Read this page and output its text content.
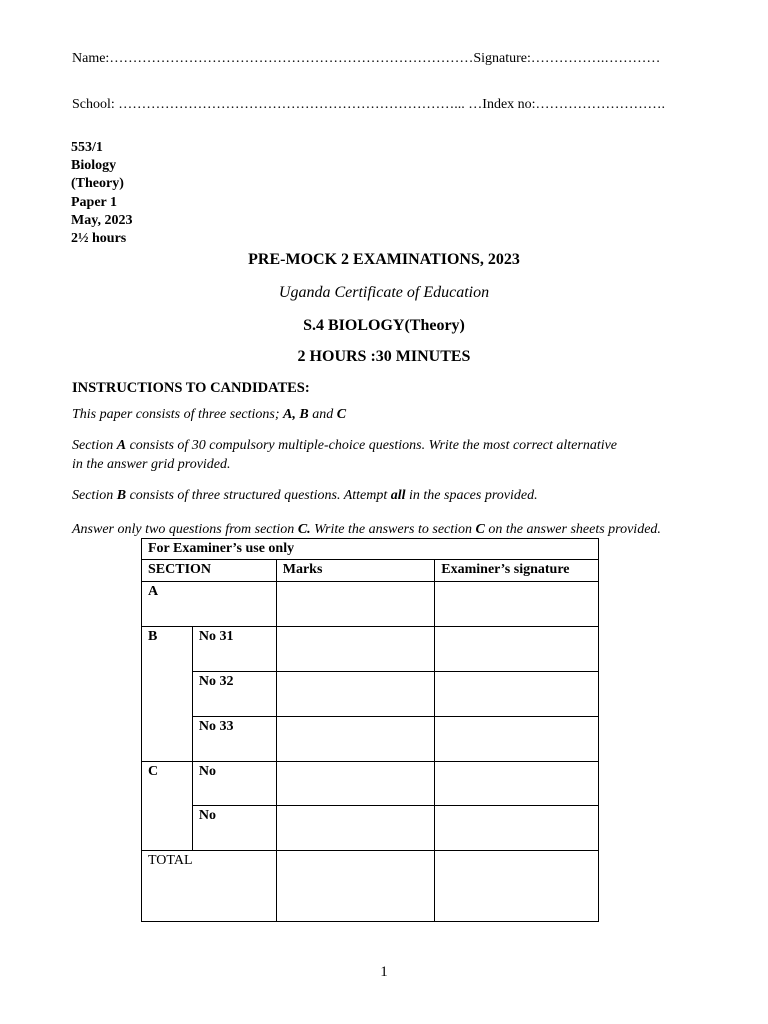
Name:……………………………………………………………………Signature:…………….…………
School: ………………………………………………………………... …Index no:……………………….
553/1
Biology
(Theory)
Paper 1
May, 2023
2½ hours
PRE-MOCK 2 EXAMINATIONS, 2023
Uganda Certificate of Education
S.4 BIOLOGY(Theory)
2 HOURS :30 MINUTES
INSTRUCTIONS TO CANDIDATES:
This paper consists of three sections; A, B and C
Section A consists of 30 compulsory multiple-choice questions. Write the most correct alternative
in the answer grid provided.
Section B consists of three structured questions. Attempt all in the spaces provided.
Answer only two questions from section C. Write the answers to section C on the answer sheets provided.
For Examiner’s use only			
SECTION		Marks	Examiner’s signature
A			
B	No 31		
	No 32		
	No 33		
C	No		
	No		
TOTAL			
1
